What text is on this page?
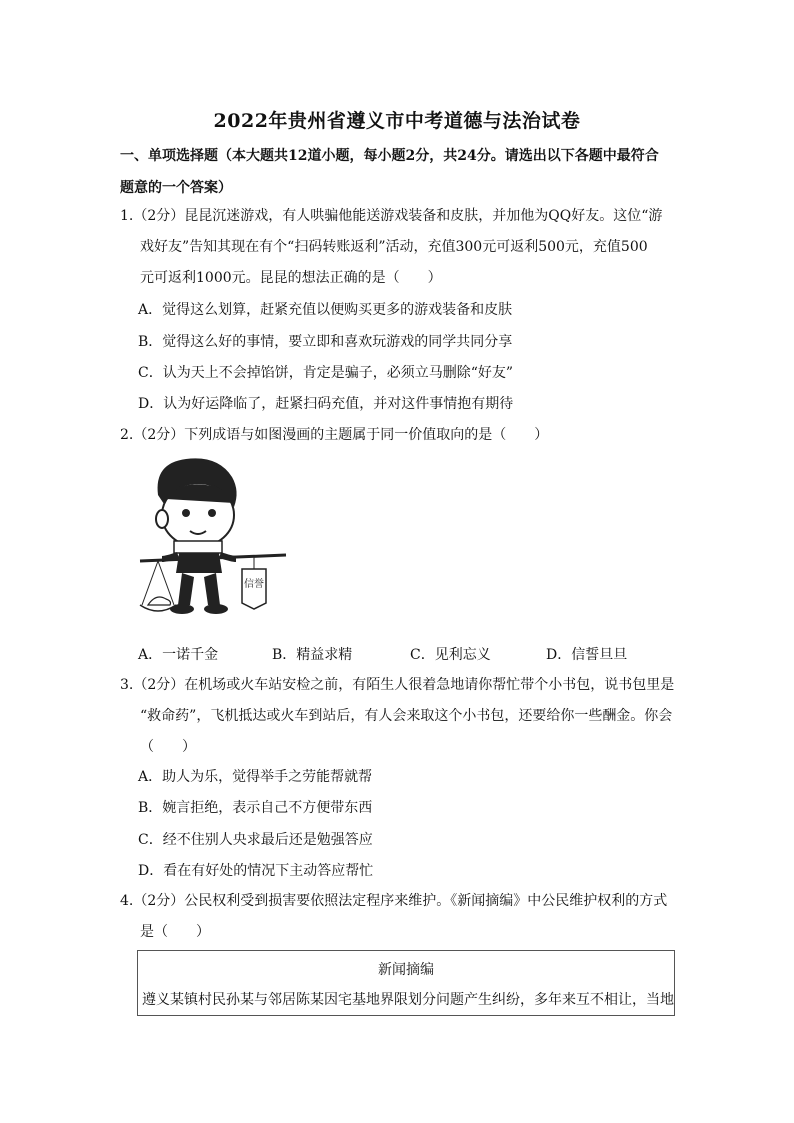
2022年贵州省遵义市中考道德与法治试卷
一、单项选择题（本大题共12道小题，每小题2分，共24分。请选出以下各题中最符合
题意的一个答案）
1.（2分）昆昆沉迷游戏，有人哄骗他能送游戏装备和皮肤，并加他为QQ好友。这位“游
戏好友”告知其现在有个“扫码转账返利”活动，充值300元可返利500元，充值500
元可返利1000元。昆昆的想法正确的是（　　）
A．觉得这么划算，赶紧充值以便购买更多的游戏装备和皮肤
B．觉得这么好的事情，要立即和喜欢玩游戏的同学共同分享
C．认为天上不会掉馅饼，肯定是骗子，必须立马删除“好友”
D．认为好运降临了，赶紧扫码充值，并对这件事情抱有期待
2.（2分）下列成语与如图漫画的主题属于同一价值取向的是（　　）
信誉
A．一诺千金	B．精益求精	C．见利忘义	D．信誓旦旦
3.（2分）在机场或火车站安检之前，有陌生人很着急地请你帮忙带个小书包，说书包里是
“救命药”，飞机抵达或火车到站后，有人会来取这个小书包，还要给你一些酬金。你会
（　　）
A．助人为乐，觉得举手之劳能帮就帮
B．婉言拒绝，表示自己不方便带东西
C．经不住别人央求最后还是勉强答应
D．看在有好处的情况下主动答应帮忙
4.（2分）公民权利受到损害要依照法定程序来维护。《新闻摘编》中公民维护权利的方式
是（　　）
新闻摘编
遵义某镇村民孙某与邻居陈某因宅基地界限划分问题产生纠纷，多年来互不相让，当地
